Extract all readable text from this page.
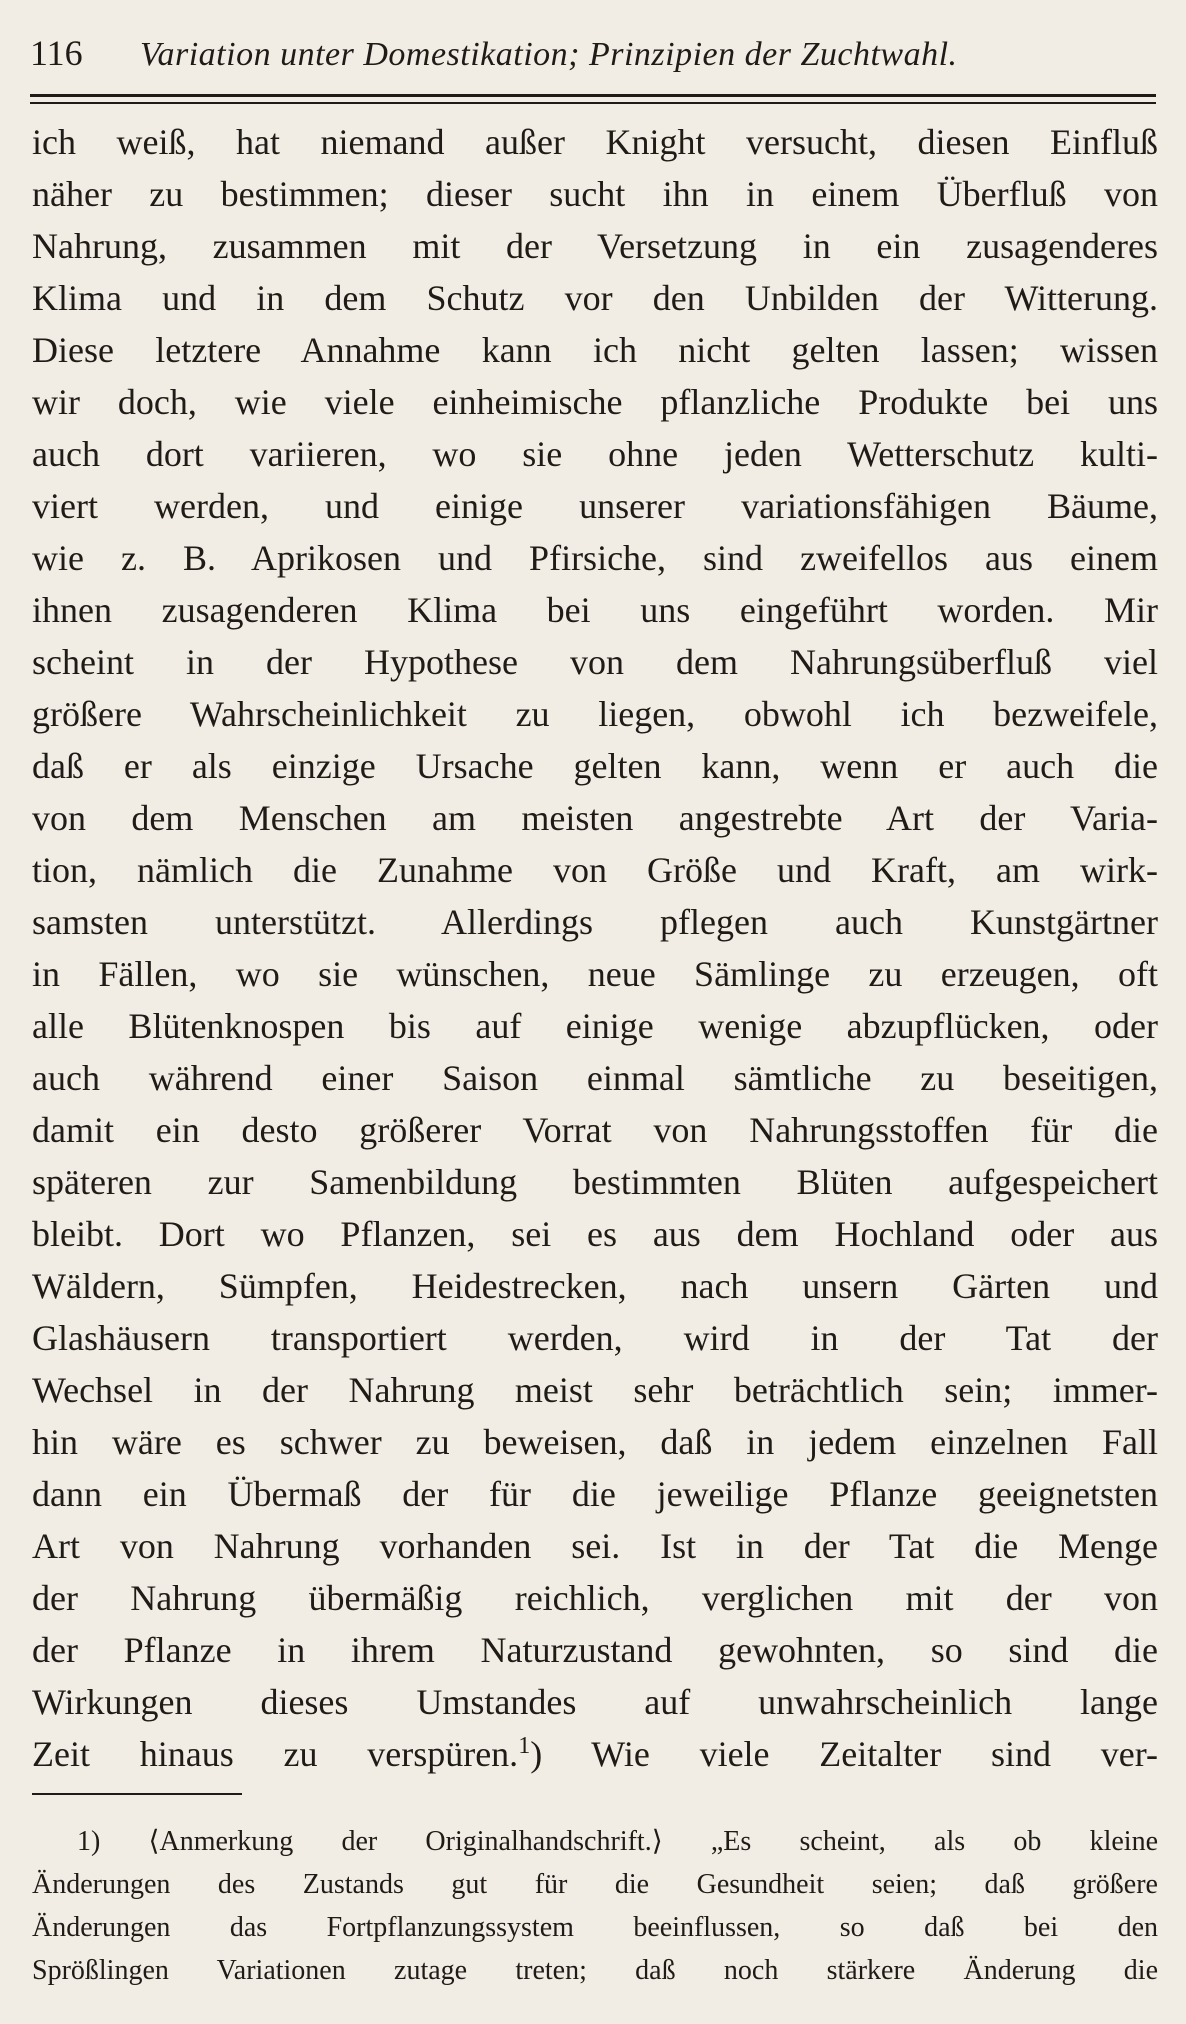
116	Variation unter Domestikation; Prinzipien der Zuchtwahl.
ich weiß, hat niemand außer Knight versucht, diesen Einfluß
näher zu bestimmen; dieser sucht ihn in einem Überfluß von
Nahrung, zusammen mit der Versetzung in ein zusagenderes
Klima und in dem Schutz vor den Unbilden der Witterung.
Diese letztere Annahme kann ich nicht gelten lassen; wissen
wir doch, wie viele einheimische pflanzliche Produkte bei uns
auch dort variieren, wo sie ohne jeden Wetterschutz kulti-
viert werden, und einige unserer variationsfähigen Bäume,
wie z. B. Aprikosen und Pfirsiche, sind zweifellos aus einem
ihnen zusagenderen Klima bei uns eingeführt worden. Mir
scheint in der Hypothese von dem Nahrungsüberfluß viel
größere Wahrscheinlichkeit zu liegen, obwohl ich bezweifele,
daß er als einzige Ursache gelten kann, wenn er auch die
von dem Menschen am meisten angestrebte Art der Varia-
tion, nämlich die Zunahme von Größe und Kraft, am wirk-
samsten unterstützt. Allerdings pflegen auch Kunstgärtner
in Fällen, wo sie wünschen, neue Sämlinge zu erzeugen, oft
alle Blütenknospen bis auf einige wenige abzupflücken, oder
auch während einer Saison einmal sämtliche zu beseitigen,
damit ein desto größerer Vorrat von Nahrungsstoffen für die
späteren zur Samenbildung bestimmten Blüten aufgespeichert
bleibt. Dort wo Pflanzen, sei es aus dem Hochland oder aus
Wäldern, Sümpfen, Heidestrecken, nach unsern Gärten und
Glashäusern transportiert werden, wird in der Tat der
Wechsel in der Nahrung meist sehr beträchtlich sein; immer-
hin wäre es schwer zu beweisen, daß in jedem einzelnen Fall
dann ein Übermaß der für die jeweilige Pflanze geeignetsten
Art von Nahrung vorhanden sei. Ist in der Tat die Menge
der Nahrung übermäßig reichlich, verglichen mit der von
der Pflanze in ihrem Naturzustand gewohnten, so sind die
Wirkungen dieses Umstandes auf unwahrscheinlich lange
Zeit hinaus zu verspüren.$^1$) Wie viele Zeitalter sind ver-
1) ⟨Anmerkung der Originalhandschrift.⟩ „Es scheint, als ob kleine
Änderungen des Zustands gut für die Gesundheit seien; daß größere
Änderungen das Fortpflanzungssystem beeinflussen, so daß bei den
Sprößlingen Variationen zutage treten; daß noch stärkere Änderung die
